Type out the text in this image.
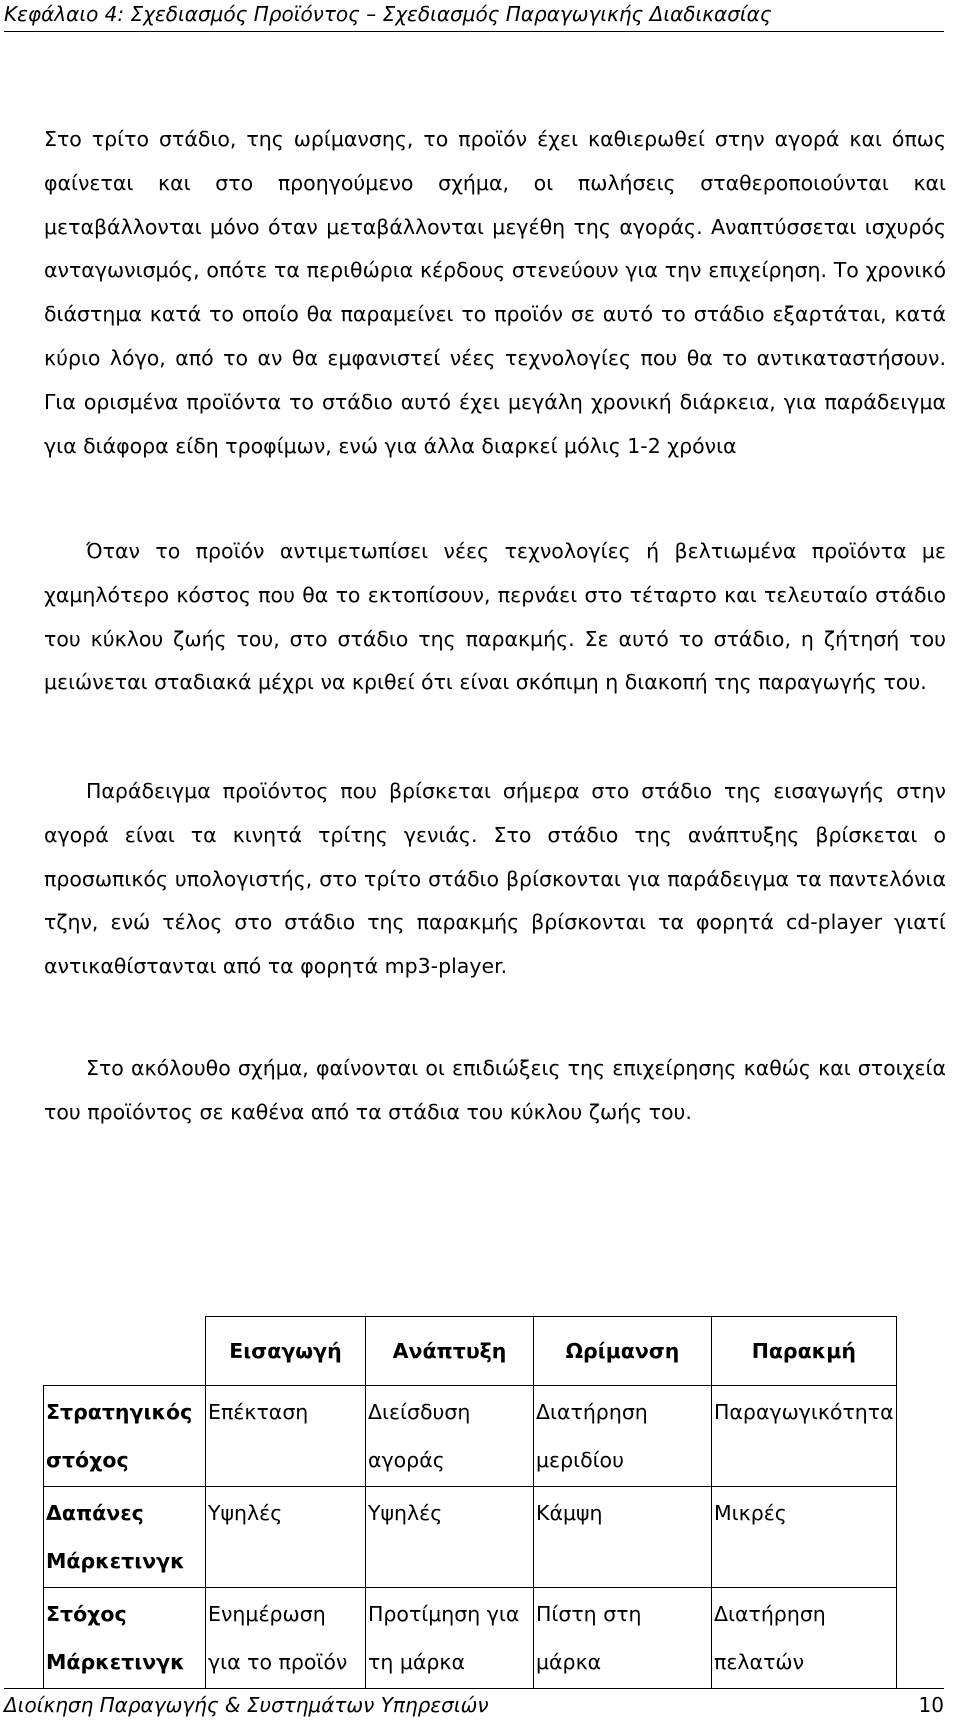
Κεφάλαιο 4: Σχεδιασμός Προϊόντος – Σχεδιασμός Παραγωγικής Διαδικασίας

Στο τρίτο στάδιο, της ωρίμανσης, το προϊόν έχει καθιερωθεί στην αγορά και όπως φαίνεται και στο προηγούμενο σχήμα, οι πωλήσεις σταθεροποιούνται και μεταβάλλονται μόνο όταν μεταβάλλονται μεγέθη της αγοράς. Αναπτύσσεται ισχυρός ανταγωνισμός, οπότε τα περιθώρια κέρδους στενεύουν για την επιχείρηση. Το χρονικό διάστημα κατά το οποίο θα παραμείνει το προϊόν σε αυτό το στάδιο εξαρτάται, κατά κύριο λόγο, από το αν θα εμφανιστεί νέες τεχνολογίες που θα το αντικαταστήσουν. Για ορισμένα προϊόντα το στάδιο αυτό έχει μεγάλη χρονική διάρκεια, για παράδειγμα για διάφορα είδη τροφίμων, ενώ για άλλα διαρκεί μόλις 1-2 χρόνια

Όταν το προϊόν αντιμετωπίσει νέες τεχνολογίες ή βελτιωμένα προϊόντα με χαμηλότερο κόστος που θα το εκτοπίσουν, περνάει στο τέταρτο και τελευταίο στάδιο του κύκλου ζωής του, στο στάδιο της παρακμής. Σε αυτό το στάδιο, η ζήτησή του μειώνεται σταδιακά μέχρι να κριθεί ότι είναι σκόπιμη η διακοπή της παραγωγής του.

Παράδειγμα προϊόντος που βρίσκεται σήμερα στο στάδιο της εισαγωγής στην αγορά είναι τα κινητά τρίτης γενιάς. Στο στάδιο της ανάπτυξης βρίσκεται ο προσωπικός υπολογιστής, στο τρίτο στάδιο βρίσκονται για παράδειγμα τα παντελόνια τζην, ενώ τέλος στο στάδιο της παρακμής βρίσκονται τα φορητά cd-player γιατί αντικαθίστανται από τα φορητά mp3-player.

Στο ακόλουθο σχήμα, φαίνονται οι επιδιώξεις της επιχείρησης καθώς και στοιχεία του προϊόντος σε καθένα από τα στάδια του κύκλου ζωής του.

	Εισαγωγή	Ανάπτυξη	Ωρίμανση	Παρακμή
Στρατηγικός στόχος	Επέκταση	Διείσδυση αγοράς	Διατήρηση μεριδίου	Παραγωγικότητα
Δαπάνες Μάρκετινγκ	Υψηλές	Υψηλές	Κάμψη	Μικρές
Στόχος Μάρκετινγκ	Ενημέρωση για το προϊόν	Προτίμηση για τη μάρκα	Πίστη στη μάρκα	Διατήρηση πελατών
Διοίκηση Παραγωγής & Συστημάτων Υπηρεσιών	10
